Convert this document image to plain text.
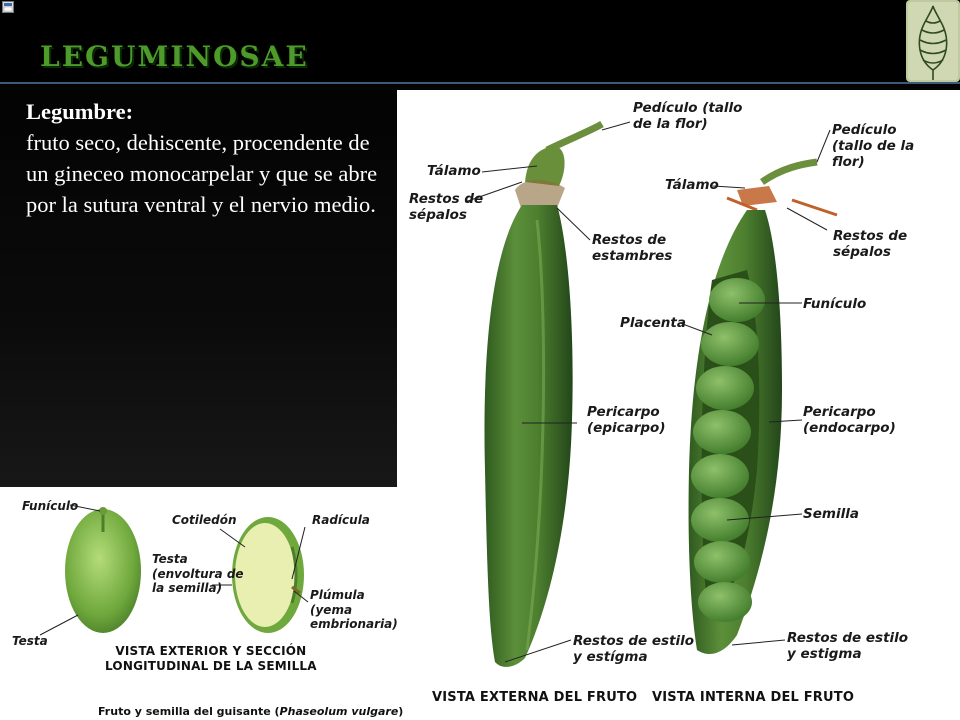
LEGUMINOSAE
Legumbre:
fruto seco, dehiscente, procendente de un gineceo monocarpelar y que se abre por la sutura ventral y el nervio medio.
Pedículo (tallo
de la flor)
Tálamo
Restos de
sépalos
Restos de
estambres
Pericarpo
(epicarpo)
Restos de estilo
y estígma
Pedículo
(tallo de la
flor)
Tálamo
Restos de
sépalos
Funículo
Placenta
Pericarpo
(endocarpo)
Semilla
Restos de estilo
y estigma
VISTA EXTERNA DEL FRUTO VISTA INTERNA DEL FRUTO
Funículo
Testa
Cotiledón
Testa
(envoltura de
la semilla)
Radícula
Plúmula (yema
embrionaria)
VISTA EXTERIOR Y SECCIÓN
LONGITUDINAL DE LA SEMILLA
Fruto y semilla del guisante (Phaseolum vulgare)
